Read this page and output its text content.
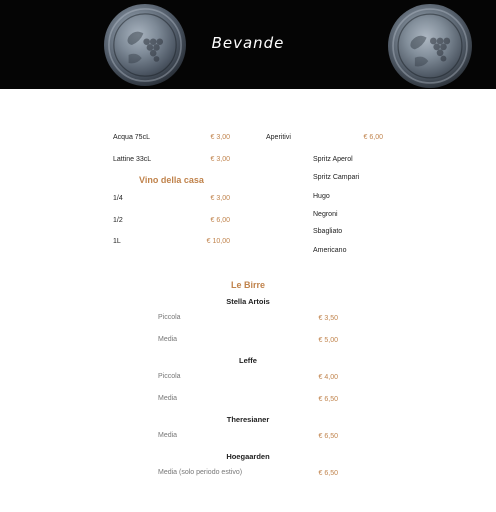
Bevande
Acqua 75cL	€ 3,00
Lattine 33cL	€ 3,00
Vino della casa
1/4	€ 3,00
1/2	€ 6,00
1L	€ 10,00
Aperitivi	€ 6,00
Spritz Aperol
Spritz Campari
Hugo
Negroni
Sbagliato
Americano
Le Birre
Stella Artois
Piccola	€ 3,50
Media	€ 5,00
Leffe
Piccola	€ 4,00
Media	€ 6,50
Theresianer
Media	€ 6,50
Hoegaarden
Media (solo periodo estivo)	€ 6,50
